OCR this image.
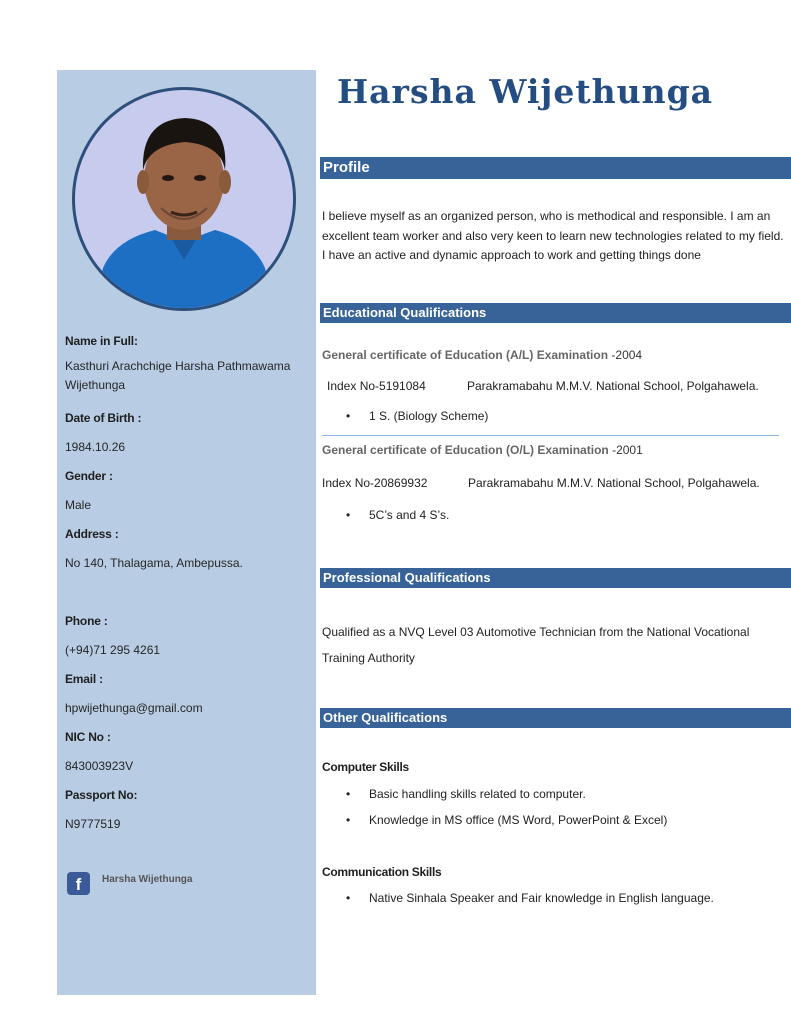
Name in Full:
Kasthuri Arachchige Harsha Pathmawama Wijethunga
Date of Birth :
1984.10.26
Gender :
Male
Address :
No 140, Thalagama, Ambepussa.
Phone :
(+94)71 295 4261
Email :
hpwijethunga@gmail.com
NIC No :
843003923V
Passport No:
N9777519
f	Harsha Wijethunga
Harsha Wijethunga
Profile
I believe myself as an organized person, who is methodical and responsible. I am an excellent team worker and also very keen to learn new technologies related to my field. I have an active and dynamic approach to work and getting things done
Educational Qualifications
General certificate of Education (A/L) Examination -2004
Index No-5191084	Parakramabahu M.M.V. National School, Polgahawela.
• 1 S. (Biology Scheme)
General certificate of Education (O/L) Examination -2001
Index No-20869932	Parakramabahu M.M.V. National School, Polgahawela.
• 5C’s and 4 S’s.
Professional Qualifications
Qualified as a NVQ Level 03 Automotive Technician from the National Vocational Training Authority
Other Qualifications
Computer Skills
• Basic handling skills related to computer.
• Knowledge in MS office (MS Word, PowerPoint & Excel)
Communication Skills
• Native Sinhala Speaker and Fair knowledge in English language.
